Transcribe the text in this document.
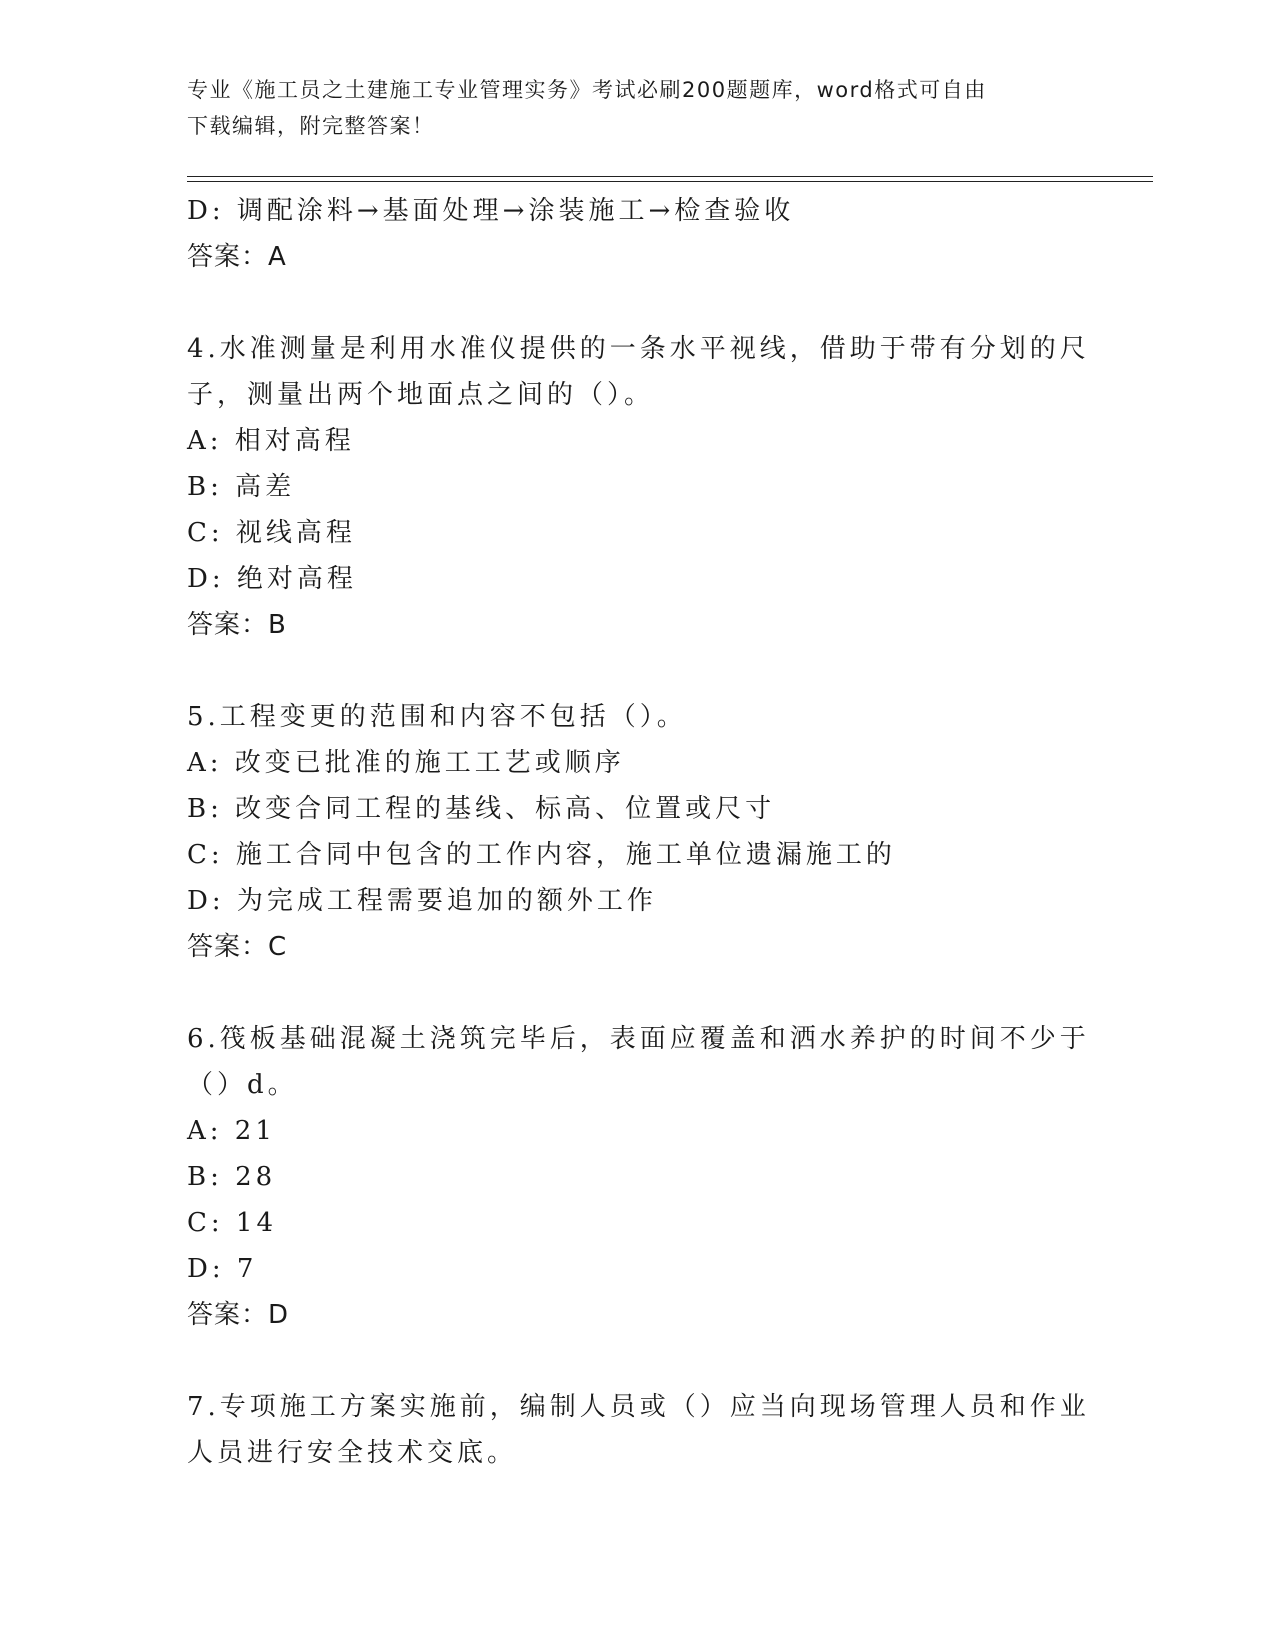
专业《施工员之土建施工专业管理实务》考试必刷200题题库，word格式可自由
下载编辑，附完整答案！
D: 调配涂料→基面处理→涂装施工→检查验收
答案：A
4.水准测量是利用水准仪提供的一条水平视线，借助于带有分划的尺
子，测量出两个地面点之间的（）。
A: 相对高程
B: 高差
C: 视线高程
D: 绝对高程
答案：B
5.工程变更的范围和内容不包括（）。
A: 改变已批准的施工工艺或顺序
B: 改变合同工程的基线、标高、位置或尺寸
C: 施工合同中包含的工作内容，施工单位遗漏施工的
D: 为完成工程需要追加的额外工作
答案：C
6.筏板基础混凝土浇筑完毕后，表面应覆盖和洒水养护的时间不少于
（）d。
A: 21
B: 28
C: 14
D: 7
答案：D
7.专项施工方案实施前，编制人员或（）应当向现场管理人员和作业
人员进行安全技术交底。
